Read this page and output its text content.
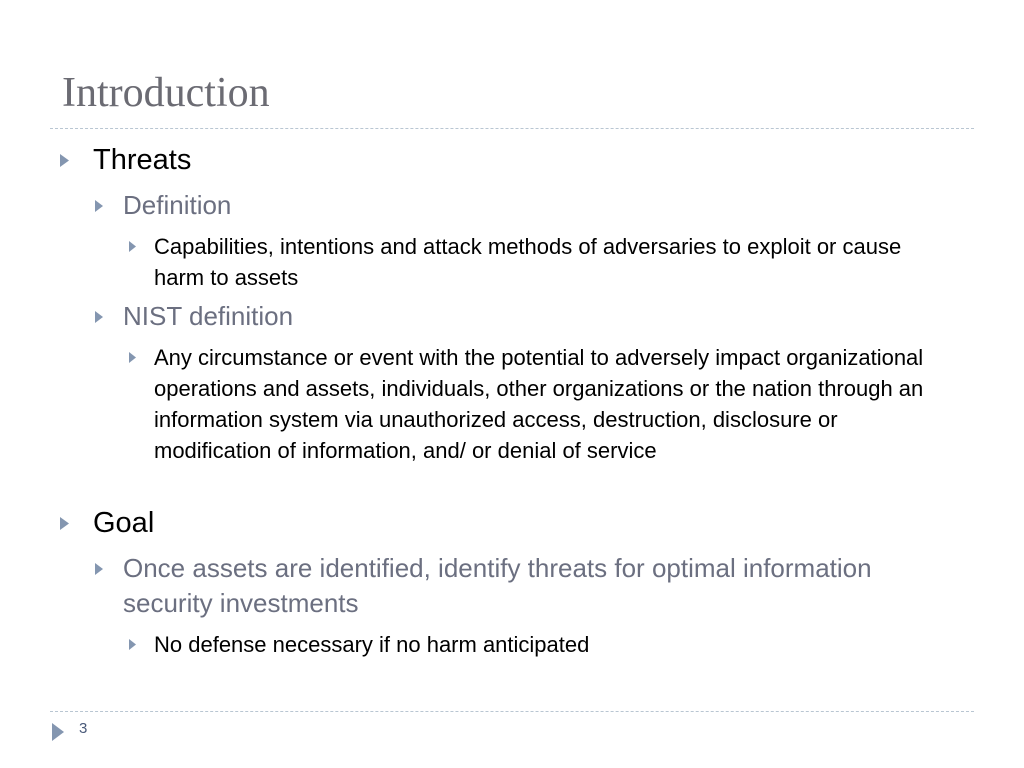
Introduction
Threats
Definition
Capabilities, intentions and attack methods of adversaries to exploit or cause harm to assets
NIST definition
Any circumstance or event with the potential to adversely impact organizational operations and assets, individuals, other organizations or the nation through an information system via unauthorized access, destruction, disclosure or modification of information, and/ or denial of service
Goal
Once assets are identified, identify threats for optimal information security investments
No defense necessary if no harm anticipated
3
